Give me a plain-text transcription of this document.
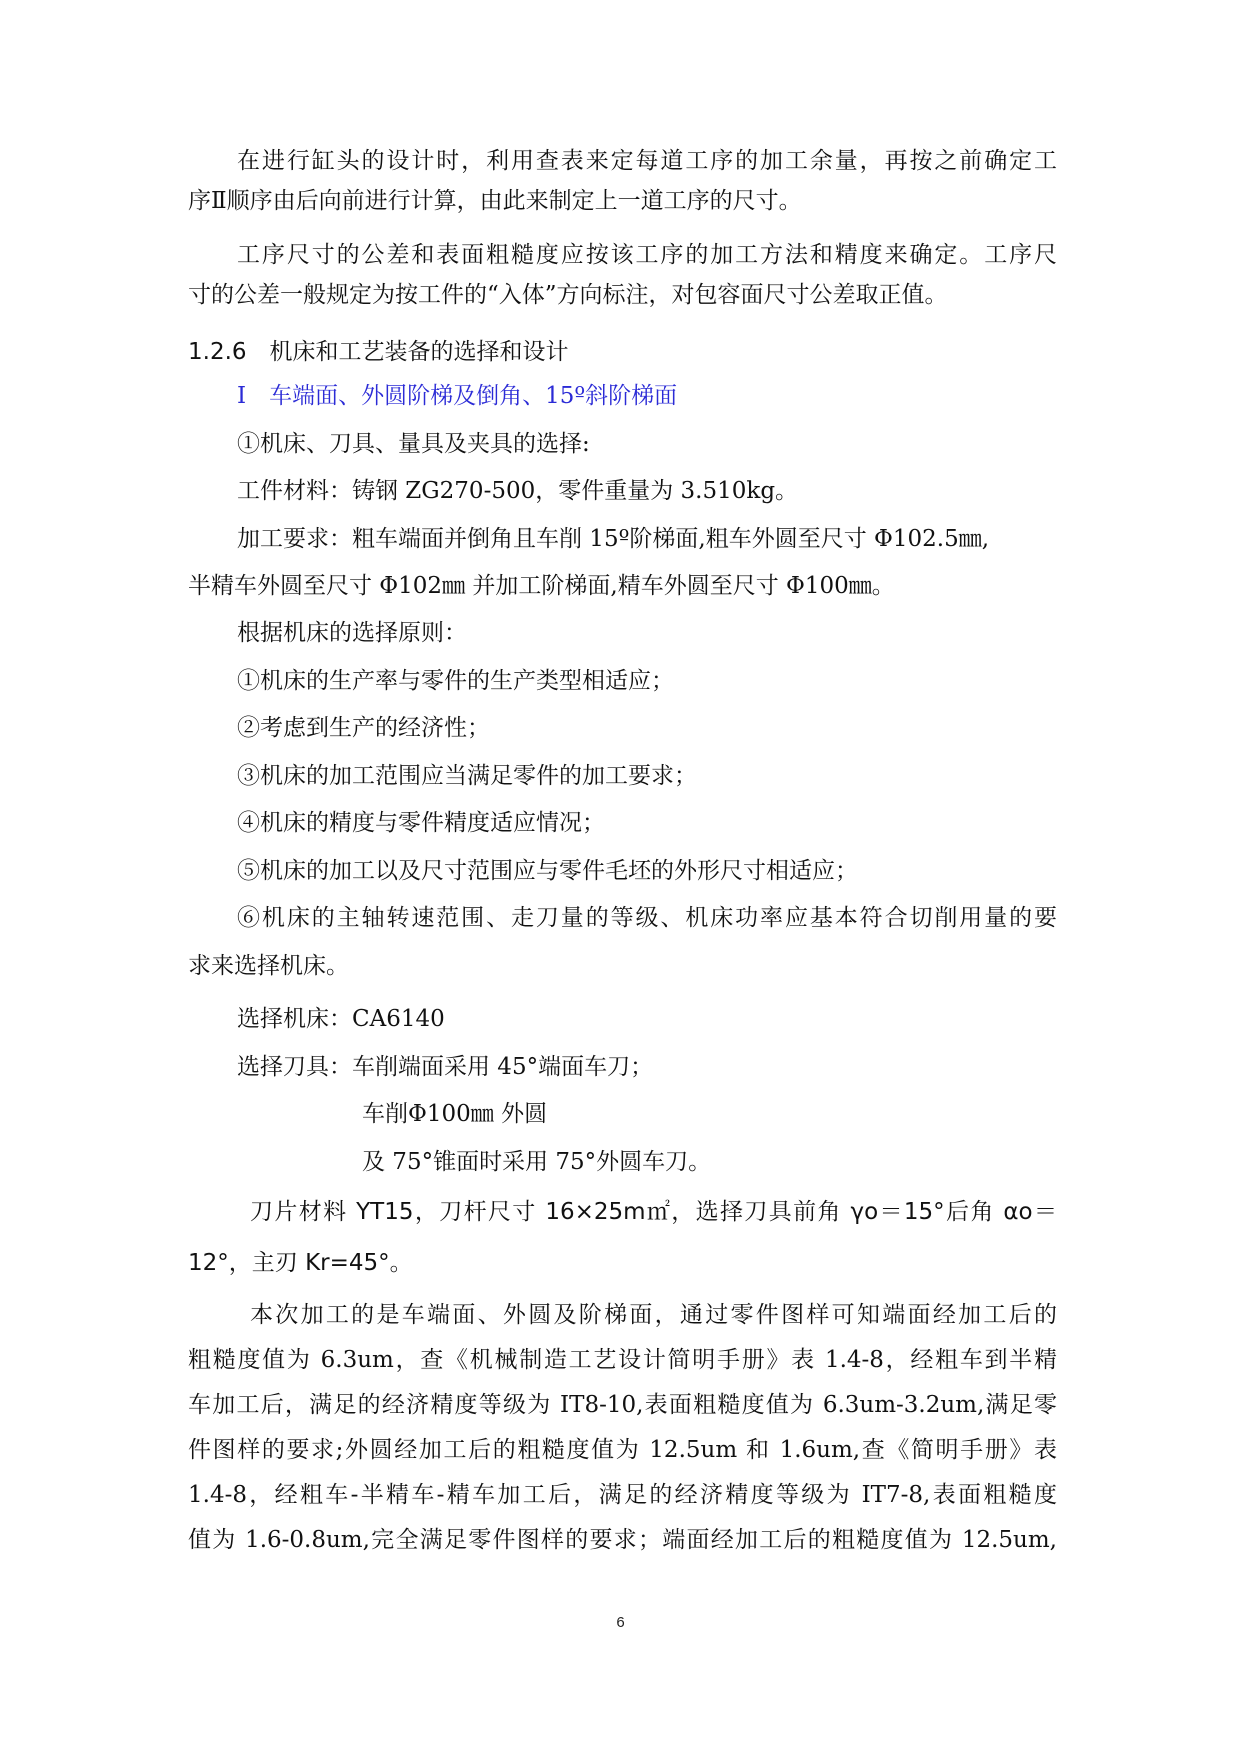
在进行缸头的设计时，利用查表来定每道工序的加工余量，再按之前确定工
序Ⅱ顺序由后向前进行计算，由此来制定上一道工序的尺寸。
工序尺寸的公差和表面粗糙度应按该工序的加工方法和精度来确定。工序尺
寸的公差一般规定为按工件的“入体”方向标注，对包容面尺寸公差取正值。
1.2.6　机床和工艺装备的选择和设计
Ⅰ　车端面、外圆阶梯及倒角、15º斜阶梯面
①机床、刀具、量具及夹具的选择:
工件材料：铸钢 ZG270-500，零件重量为 3.510kg。
加工要求：粗车端面并倒角且车削 15º阶梯面,粗车外圆至尺寸 Φ102.5㎜,
半精车外圆至尺寸 Φ102㎜ 并加工阶梯面,精车外圆至尺寸 Φ100㎜。
根据机床的选择原则：
①机床的生产率与零件的生产类型相适应；
②考虑到生产的经济性；
③机床的加工范围应当满足零件的加工要求；
④机床的精度与零件精度适应情况；
⑤机床的加工以及尺寸范围应与零件毛坯的外形尺寸相适应；
⑥机床的主轴转速范围、走刀量的等级、机床功率应基本符合切削用量的要
求来选择机床。
选择机床：CA6140
选择刀具：车削端面采用 45°端面车刀；
车削Φ100㎜ 外圆
及 75°锥面时采用 75°外圆车刀。
刀片材料 YT15，刀杆尺寸 16×25m㎡，选择刀具前角 γo＝15°后角 αo＝
12°，主刃 Kr=45°。
本次加工的是车端面、外圆及阶梯面，通过零件图样可知端面经加工后的
粗糙度值为 6.3um，查《机械制造工艺设计简明手册》表 1.4-8，经粗车到半精
车加工后，满足的经济精度等级为 IT8-10,表面粗糙度值为 6.3um-3.2um,满足零
件图样的要求;外圆经加工后的粗糙度值为 12.5um 和 1.6um,查《简明手册》表
1.4-8，经粗车-半精车-精车加工后，满足的经济精度等级为 IT7-8,表面粗糙度
值为 1.6-0.8um,完全满足零件图样的要求；端面经加工后的粗糙度值为 12.5um,
6
